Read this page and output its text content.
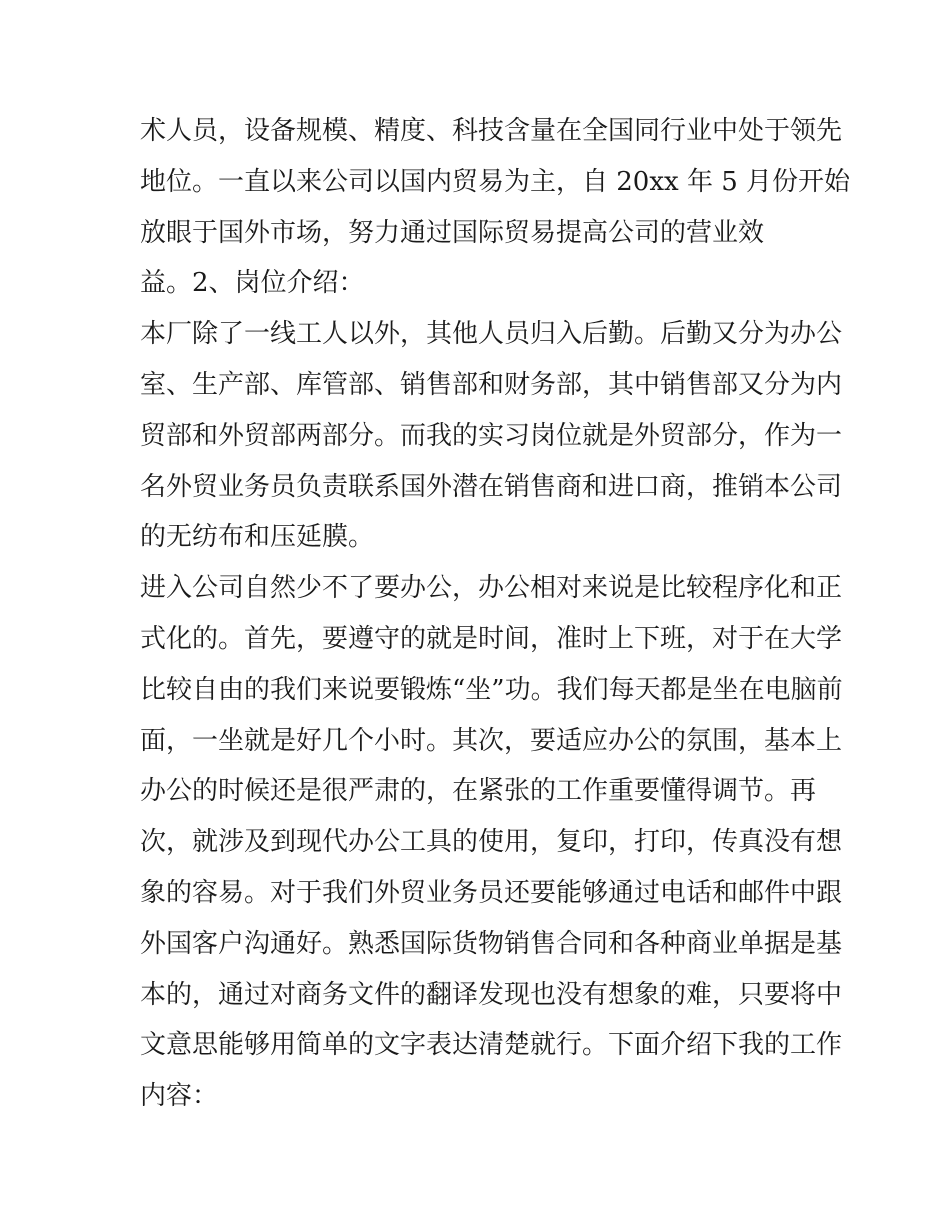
术人员，设备规模、精度、科技含量在全国同行业中处于领先
地位。一直以来公司以国内贸易为主，自 20xx 年 5 月份开始
放眼于国外市场，努力通过国际贸易提高公司的营业效
益。2、岗位介绍：
本厂除了一线工人以外，其他人员归入后勤。后勤又分为办公
室、生产部、库管部、销售部和财务部，其中销售部又分为内
贸部和外贸部两部分。而我的实习岗位就是外贸部分，作为一
名外贸业务员负责联系国外潜在销售商和进口商，推销本公司
的无纺布和压延膜。
进入公司自然少不了要办公，办公相对来说是比较程序化和正
式化的。首先，要遵守的就是时间，准时上下班，对于在大学
比较自由的我们来说要锻炼“坐”功。我们每天都是坐在电脑前
面，一坐就是好几个小时。其次，要适应办公的氛围，基本上
办公的时候还是很严肃的，在紧张的工作重要懂得调节。再
次，就涉及到现代办公工具的使用，复印，打印，传真没有想
象的容易。对于我们外贸业务员还要能够通过电话和邮件中跟
外国客户沟通好。熟悉国际货物销售合同和各种商业单据是基
本的，通过对商务文件的翻译发现也没有想象的难，只要将中
文意思能够用简单的文字表达清楚就行。下面介绍下我的工作
内容：
